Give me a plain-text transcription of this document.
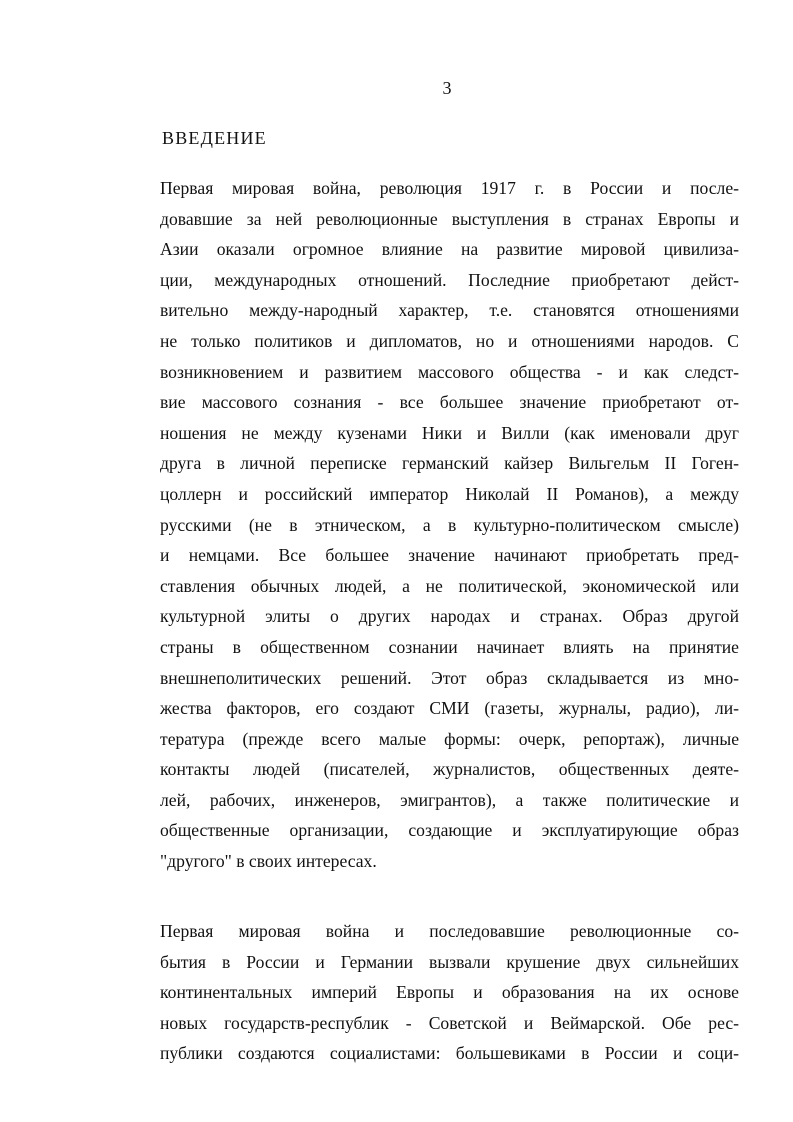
3
ВВЕДЕНИЕ
Первая мировая война, революция 1917 г. в России и после-
довавшие за ней революционные выступления в странах Европы и
Азии оказали огромное влияние на развитие мировой цивилиза-
ции, международных отношений. Последние приобретают дейст-
вительно между-народный характер, т.е. становятся отношениями
не только политиков и дипломатов, но и отношениями народов. С
возникновением и развитием массового общества - и как следст-
вие массового сознания - все большее значение приобретают от-
ношения не между кузенами Ники и Вилли (как именовали друг
друга в личной переписке германский кайзер Вильгельм II Гоген-
цоллерн и российский император Николай II Романов), а между
русскими (не в этническом, а в культурно-политическом смысле)
и немцами. Все большее значение начинают приобретать пред-
ставления обычных людей, а не политической, экономической или
культурной элиты о других народах и странах. Образ другой
страны в общественном сознании начинает влиять на принятие
внешнеполитических решений. Этот образ складывается из мно-
жества факторов, его создают СМИ (газеты, журналы, радио), ли-
тература (прежде всего малые формы: очерк, репортаж), личные
контакты людей (писателей, журналистов, общественных деяте-
лей, рабочих, инженеров, эмигрантов), а также политические и
общественные организации, создающие и эксплуатирующие образ
"другого" в своих интересах.
Первая мировая война и последовавшие революционные со-
бытия в России и Германии вызвали крушение двух сильнейших
континентальных империй Европы и образования на их основе
новых государств-республик - Советской и Веймарской. Обе рес-
публики создаются социалистами: большевиками в России и соци-
